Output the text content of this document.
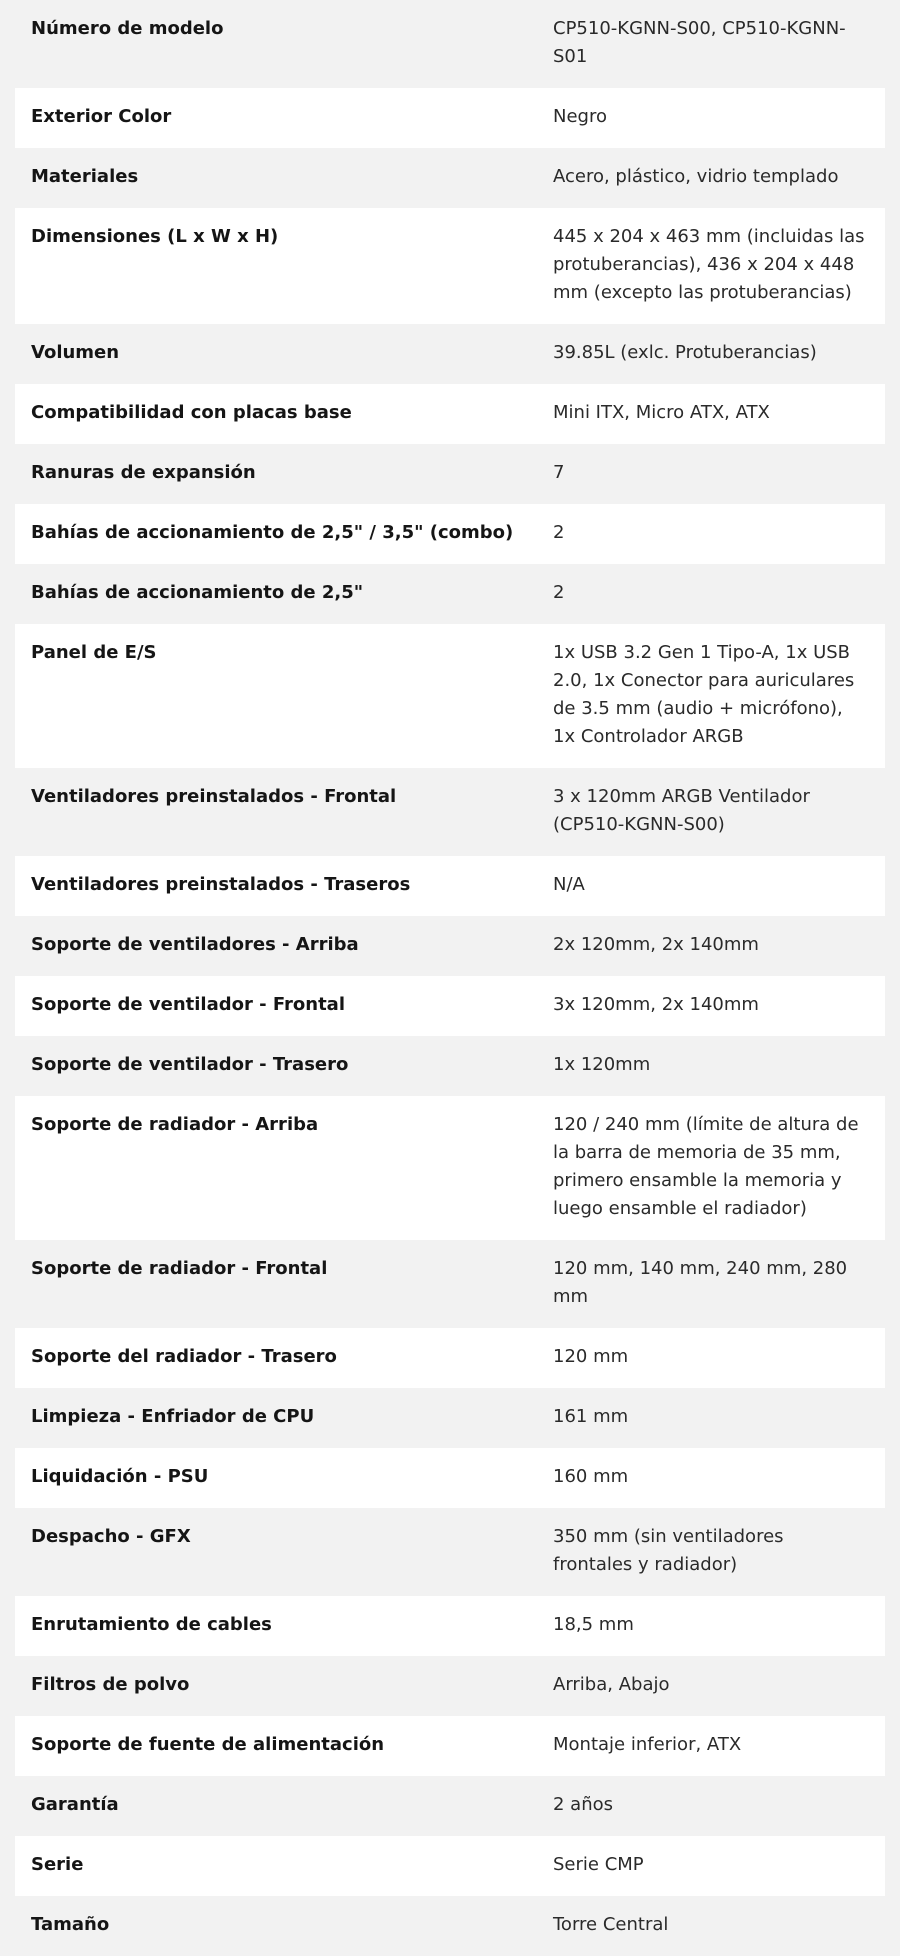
Número de modelo	CP510-KGNN-S00, CP510-KGNN-S01
Exterior Color	Negro
Materiales	Acero, plástico, vidrio templado
Dimensiones (L x W x H)	445 x 204 x 463 mm (incluidas las protuberancias), 436 x 204 x 448 mm (excepto las protuberancias)
Volumen	39.85L (exlc. Protuberancias)
Compatibilidad con placas base	Mini ITX, Micro ATX, ATX
Ranuras de expansión	7
Bahías de accionamiento de 2,5" / 3,5" (combo)	2
Bahías de accionamiento de 2,5"	2
Panel de E/S	1x USB 3.2 Gen 1 Tipo-A, 1x USB 2.0, 1x Conector para auriculares de 3.5 mm (audio + micrófono), 1x Controlador ARGB
Ventiladores preinstalados - Frontal	3 x 120mm ARGB Ventilador (CP510-KGNN-S00)
Ventiladores preinstalados - Traseros	N/A
Soporte de ventiladores - Arriba	2x 120mm, 2x 140mm
Soporte de ventilador - Frontal	3x 120mm, 2x 140mm
Soporte de ventilador - Trasero	1x 120mm
Soporte de radiador - Arriba	120 / 240 mm (límite de altura de la barra de memoria de 35 mm, primero ensamble la memoria y luego ensamble el radiador)
Soporte de radiador - Frontal	120 mm, 140 mm, 240 mm, 280 mm
Soporte del radiador - Trasero	120 mm
Limpieza - Enfriador de CPU	161 mm
Liquidación - PSU	160 mm
Despacho - GFX	350 mm (sin ventiladores frontales y radiador)
Enrutamiento de cables	18,5 mm
Filtros de polvo	Arriba, Abajo
Soporte de fuente de alimentación	Montaje inferior, ATX
Garantía	2 años
Serie	Serie CMP
Tamaño	Torre Central
